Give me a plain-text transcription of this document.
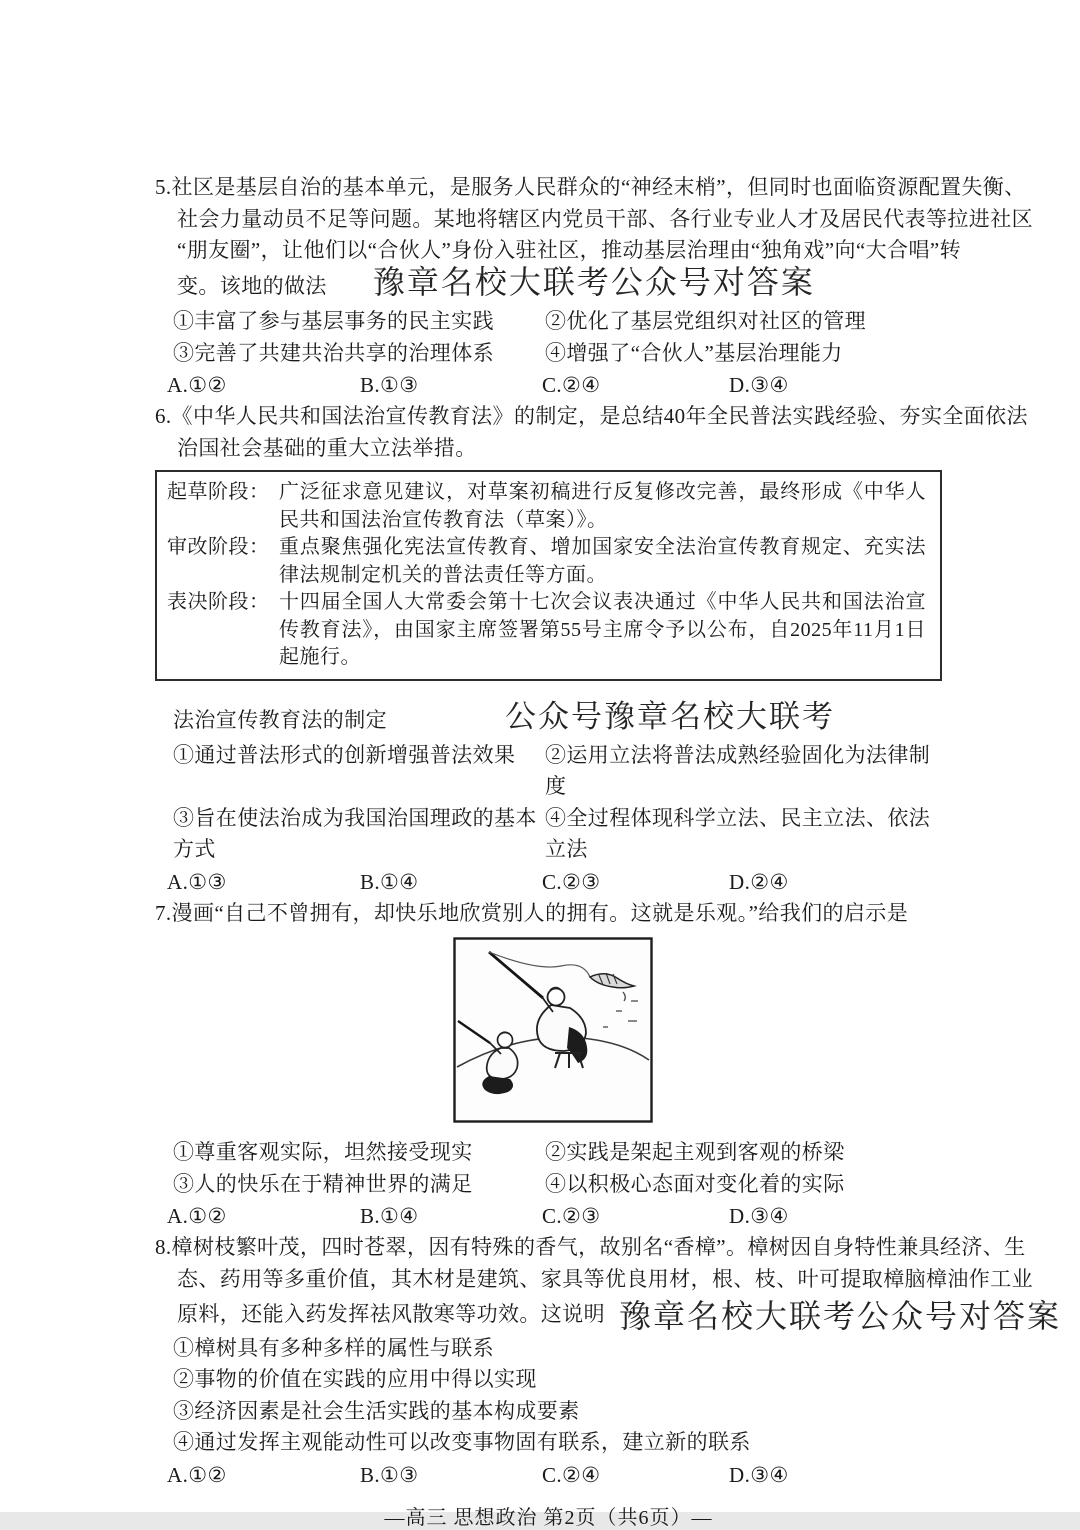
5.社区是基层自治的基本单元，是服务人民群众的“神经末梢”，但同时也面临资源配置失衡、
社会力量动员不足等问题。某地将辖区内党员干部、各行业专业人才及居民代表等拉进社区
“朋友圈”，让他们以“合伙人”身份入驻社区，推动基层治理由“独角戏”向“大合唱”转
变。该地的做法 豫章名校大联考公众号对答案
①丰富了参与基层事务的民主实践	②优化了基层党组织对社区的管理
③完善了共建共治共享的治理体系	④增强了“合伙人”基层治理能力
A.①②	B.①③	C.②④	D.③④
6.《中华人民共和国法治宣传教育法》的制定，是总结40年全民普法实践经验、夯实全面依法
治国社会基础的重大立法举措。
起草阶段： 广泛征求意见建议，对草案初稿进行反复修改完善，最终形成《中华人民共和国法治宣传教育法（草案）》。
审改阶段： 重点聚焦强化宪法宣传教育、增加国家安全法治宣传教育规定、充实法律法规制定机关的普法责任等方面。
表决阶段： 十四届全国人大常委会第十七次会议表决通过《中华人民共和国法治宣传教育法》，由国家主席签署第55号主席令予以公布，自2025年11月1日起施行。
法治宣传教育法的制定	公众号豫章名校大联考
①通过普法形式的创新增强普法效果	②运用立法将普法成熟经验固化为法律制度
③旨在使法治成为我国治国理政的基本方式
④全过程体现科学立法、民主立法、依法立法
A.①③	B.①④	C.②③	D.②④
7.漫画“自己不曾拥有，却快乐地欣赏别人的拥有。这就是乐观。”给我们的启示是
①尊重客观实际，坦然接受现实	②实践是架起主观到客观的桥梁
③人的快乐在于精神世界的满足	④以积极心态面对变化着的实际
A.①②	B.①④	C.②③	D.③④
8.樟树枝繁叶茂，四时苍翠，因有特殊的香气，故别名“香樟”。樟树因自身特性兼具经济、生
态、药用等多重价值，其木材是建筑、家具等优良用材，根、枝、叶可提取樟脑樟油作工业
原料，还能入药发挥祛风散寒等功效。这说明 豫章名校大联考公众号对答案
①樟树具有多种多样的属性与联系
②事物的价值在实践的应用中得以实现
③经济因素是社会生活实践的基本构成要素
④通过发挥主观能动性可以改变事物固有联系，建立新的联系
A.①②	B.①③	C.②④	D.③④
—高三 思想政治 第2页（共6页）—
